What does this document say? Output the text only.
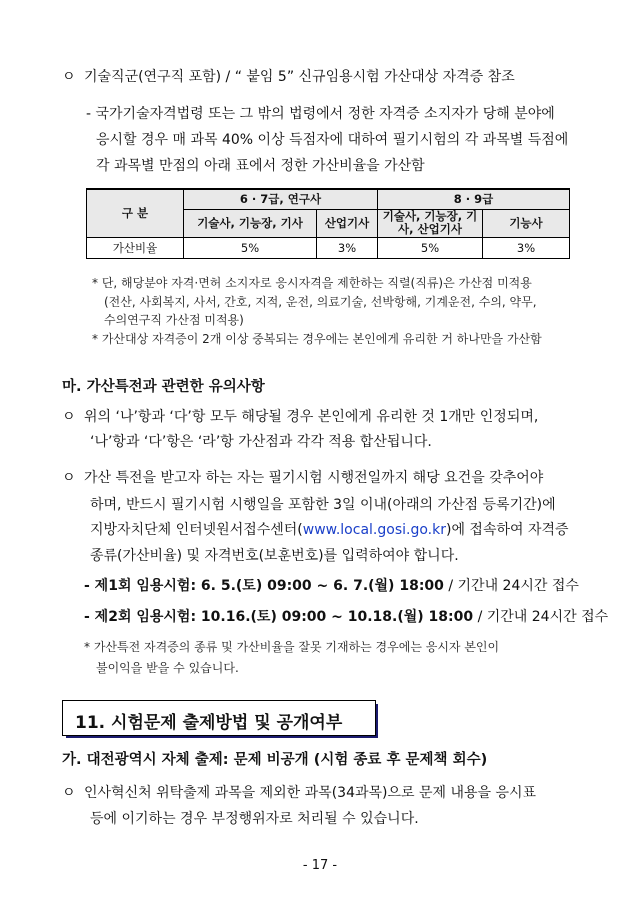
ㅇ 기술직군(연구직 포함) / “ 붙임 5” 신규임용시험 가산대상 자격증 참조
- 국가기술자격법령 또는 그 밖의 법령에서 정한 자격증 소지자가 당해 분야에
응시할 경우 매 과목 40% 이상 득점자에 대하여 필기시험의 각 과목별 득점에
각 과목별 만점의 아래 표에서 정한 가산비율을 가산함
구 분	6 · 7급, 연구사		8 · 9급	
	기술사, 기능장, 기사	산업기사	기술사, 기능장, 기사, 산업기사	기능사
가산비율	5%	3%	5%	3%
* 단, 해당분야 자격·면허 소지자로 응시자격을 제한하는 직렬(직류)은 가산점 미적용
(전산, 사회복지, 사서, 간호, 지적, 운전, 의료기술, 선박항해, 기계운전, 수의, 약무,
수의연구직 가산점 미적용)
* 가산대상 자격증이 2개 이상 중복되는 경우에는 본인에게 유리한 거 하나만을 가산함
마. 가산특전과 관련한 유의사항
ㅇ 위의 ‘나’항과 ‘다’항 모두 해당될 경우 본인에게 유리한 것 1개만 인정되며,
‘나’항과 ‘다’항은 ‘라’항 가산점과 각각 적용 합산됩니다.
ㅇ 가산 특전을 받고자 하는 자는 필기시험 시행전일까지 해당 요건을 갖추어야
하며, 반드시 필기시험 시행일을 포함한 3일 이내(아래의 가산점 등록기간)에
지방자치단체 인터넷원서접수센터(www.local.gosi.go.kr)에 접속하여 자격증
종류(가산비율) 및 자격번호(보훈번호)를 입력하여야 합니다.
- 제1회 임용시험: 6. 5.(토) 09:00 ~ 6. 7.(월) 18:00 / 기간내 24시간 접수
- 제2회 임용시험: 10.16.(토) 09:00 ~ 10.18.(월) 18:00 / 기간내 24시간 접수
* 가산특전 자격증의 종류 및 가산비율을 잘못 기재하는 경우에는 응시자 본인이
불이익을 받을 수 있습니다.
11. 시험문제 출제방법 및 공개여부
가. 대전광역시 자체 출제: 문제 비공개 (시험 종료 후 문제책 회수)
ㅇ 인사혁신처 위탁출제 과목을 제외한 과목(34과목)으로 문제 내용을 응시표
등에 이기하는 경우 부정행위자로 처리될 수 있습니다.
- 17 -
